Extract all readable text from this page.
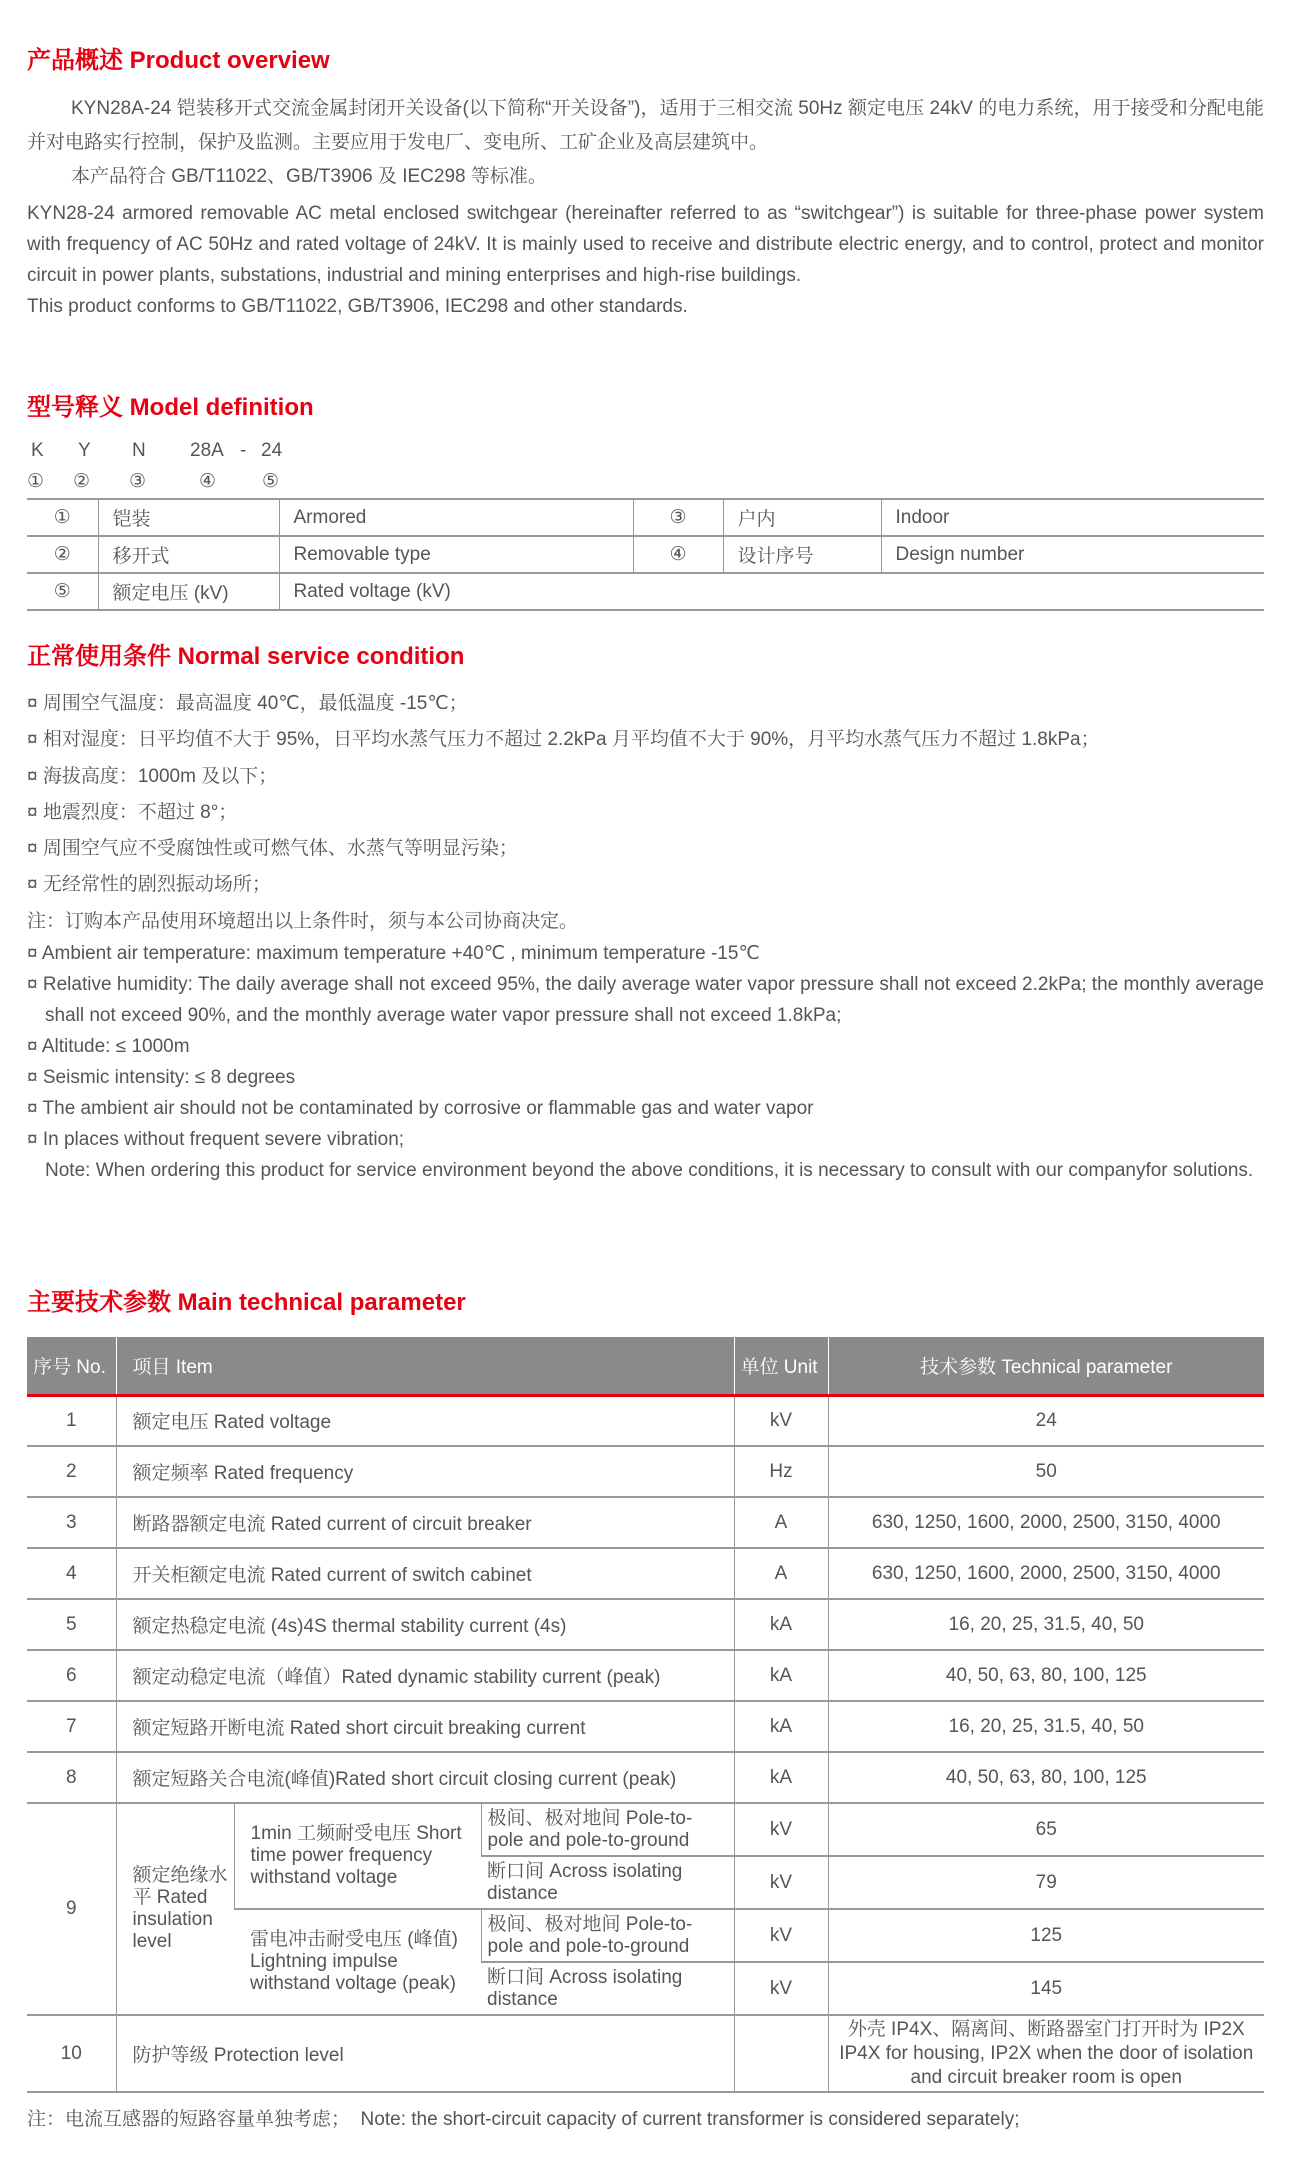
产品概述 Product overview
KYN28A-24 铠装移开式交流金属封闭开关设备(以下简称“开关设备”)，适用于三相交流 50Hz 额定电压 24kV 的电力系统，用于接受和分配电能并对电路实行控制，保护及监测。主要应用于发电厂、变电所、工矿企业及高层建筑中。
本产品符合 GB/T11022、GB/T3906 及 IEC298 等标准。
KYN28-24 armored removable AC metal enclosed switchgear (hereinafter referred to as “switchgear”) is suitable for three-phase power system with frequency of AC 50Hz and rated voltage of 24kV. It is mainly used to receive and distribute electric energy, and to control, protect and monitor circuit in power plants, substations, industrial and mining enterprises and high-rise buildings.
This product conforms to GB/T11022, GB/T3906, IEC298 and other standards.
型号释义 Model definition
K Y N 28A - 24
① ② ③	④ ⑤
①	铠装	Armored	③	户内	Indoor
②	移开式	Removable type	④	设计序号	Design number
⑤	额定电压 (kV)	Rated voltage (kV)			
正常使用条件 Normal service condition
¤ 周围空气温度：最高温度 40℃，最低温度 -15℃；
¤ 相对湿度：日平均值不大于 95%，日平均水蒸气压力不超过 2.2kPa 月平均值不大于 90%，月平均水蒸气压力不超过 1.8kPa；
¤ 海拔高度：1000m 及以下；
¤ 地震烈度：不超过 8°；
¤ 周围空气应不受腐蚀性或可燃气体、水蒸气等明显污染；
¤ 无经常性的剧烈振动场所；
注：订购本产品使用环境超出以上条件时，须与本公司协商决定。
¤ Ambient air temperature: maximum temperature +40℃ , minimum temperature -15℃
¤ Relative humidity: The daily average shall not exceed 95%, the daily average water vapor pressure shall not exceed 2.2kPa; the monthly average shall not exceed 90%, and the monthly average water vapor pressure shall not exceed 1.8kPa;
¤ Altitude: ≤ 1000m
¤ Seismic intensity: ≤ 8 degrees
¤ The ambient air should not be contaminated by corrosive or flammable gas and water vapor
¤ In places without frequent severe vibration;
Note: When ordering this product for service environment beyond the above conditions, it is necessary to consult with our companyfor solutions.
主要技术参数 Main technical parameter
序号 No.	项目 Item			单位 Unit	技术参数 Technical parameter
1	额定电压 Rated voltage			kV	24
2	额定频率 Rated frequency			Hz	50
3	断路器额定电流 Rated current of circuit breaker			A	630, 1250, 1600, 2000, 2500, 3150, 4000
4	开关柜额定电流 Rated current of switch cabinet			A	630, 1250, 1600, 2000, 2500, 3150, 4000
5	额定热稳定电流 (4s)4S thermal stability current (4s)			kA	16, 20, 25, 31.5, 40, 50
6	额定动稳定电流（峰值）Rated dynamic stability current (peak)			kA	40, 50, 63, 80, 100, 125
7	额定短路开断电流 Rated short circuit breaking current			kA	16, 20, 25, 31.5, 40, 50
8	额定短路关合电流(峰值)Rated short circuit closing current (peak)			kA	40, 50, 63, 80, 100, 125
9	额定绝缘水平 Rated insulation level	1min 工频耐受电压 Short time power frequency withstand voltage	极间、极对地间 Pole-to-pole and pole-to-ground	kV	65
			断口间 Across isolating distance	kV	79
		雷电冲击耐受电压 (峰值) Lightning impulse withstand voltage (peak)	极间、极对地间 Pole-to-pole and pole-to-ground	kV	125
			断口间 Across isolating distance	kV	145
10	防护等级 Protection level				外壳 IP4X、隔离间、断路器室门打开时为 IP2X IP4X for housing, IP2X when the door of isolation and circuit breaker room is open
注：电流互感器的短路容量单独考虑；  Note: the short-circuit capacity of current transformer is considered separately;
